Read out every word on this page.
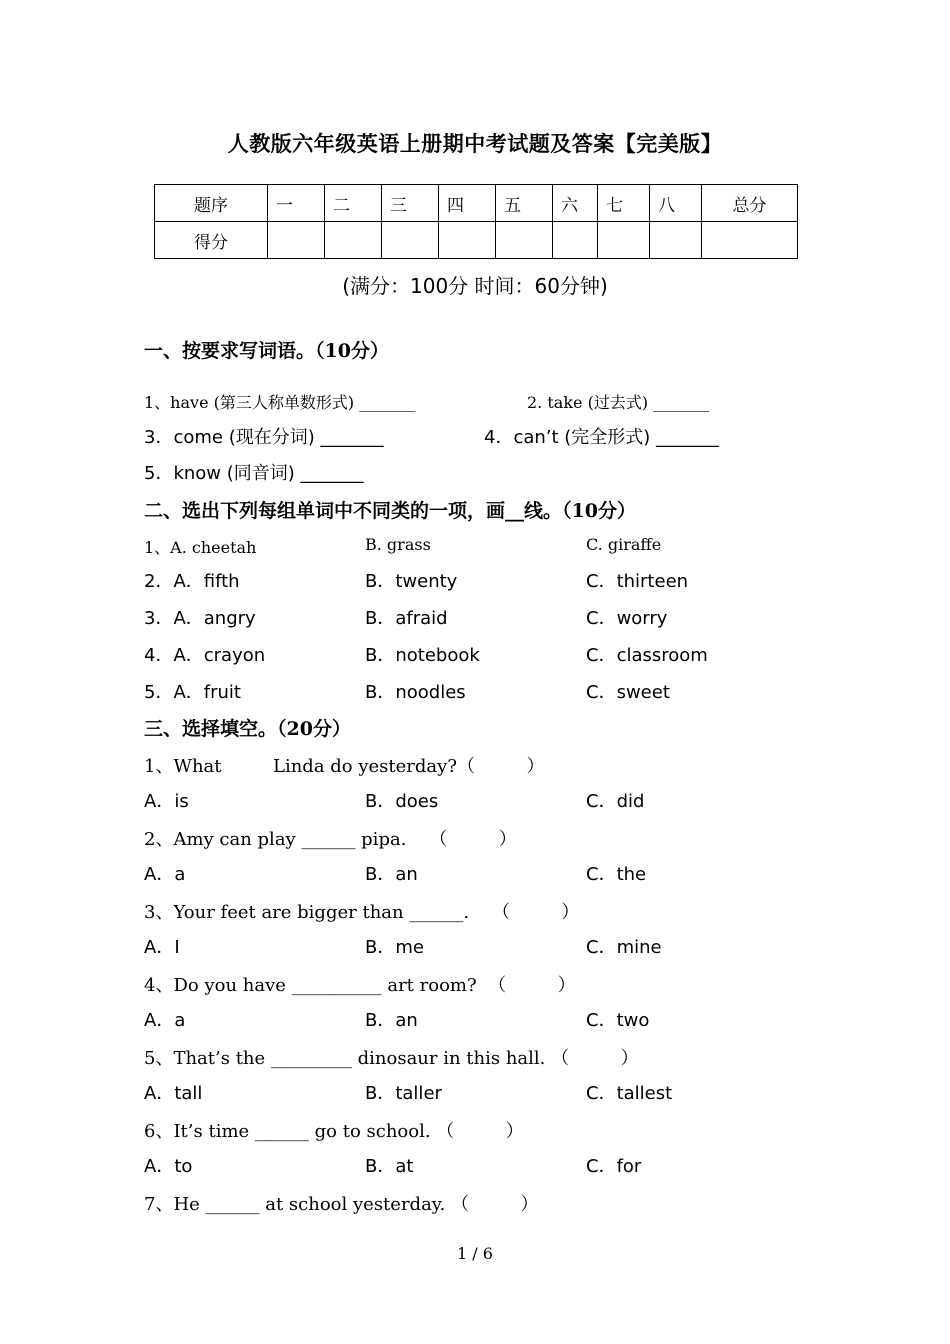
人教版六年级英语上册期中考试题及答案【完美版】
题序	一	二	三	四	五	六	七	八	总分
得分									
(满分：100分 时间：60分钟)
一、按要求写词语。（10分）
1、have (第三人称单数形式) _______	2. take (过去式) _______
3．come (现在分词) _______	4．can’t (完全形式) _______
5．know (同音词) _______
二、选出下列每组单词中不同类的一项，画__线。（10分）
1、A. cheetah	B. grass	C. giraffe
2．A．fifth	B．twenty	C．thirteen
3．A．angry	B．afraid	C．worry
4．A．crayon	B．notebook	C．classroom
5．A．fruit	B．noodles	C．sweet
三、选择填空。（20分）
1、What         Linda do yesterday?（         ）
A．is	B．does	C．did
2、Amy can play ______ pipa.    （         ）
A．a	B．an	C．the
3、Your feet are bigger than ______.    （         ）
A．I	B．me	C．mine
4、Do you have __________ art room?  （         ）
A．a	B．an	C．two
5、That’s the _________ dinosaur in this hall. （         ）
A．tall	B．taller	C．tallest
6、It’s time ______ go to school. （         ）
A．to	B．at	C．for
7、He ______ at school yesterday. （         ）
1 / 6
